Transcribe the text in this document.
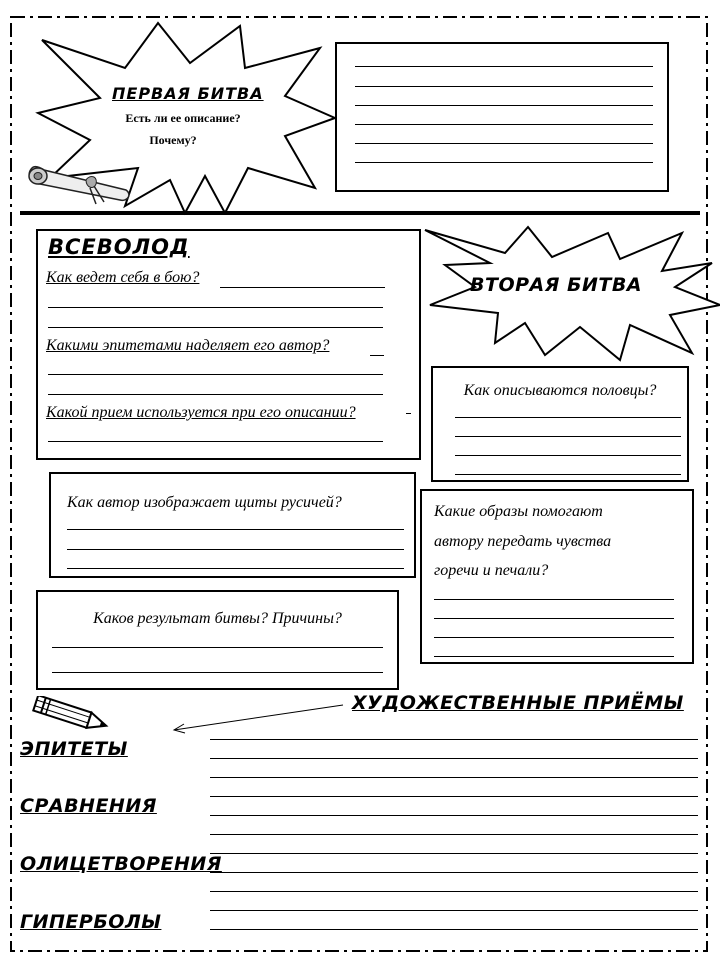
ПЕРВАЯ БИТВА
Есть ли ее описание?
Почему?
ВСЕВОЛОД
Как ведет себя в бою?
Какими эпитетами наделяет его автор?
Какой прием используется при его описании?
ВТОРАЯ БИТВА
Как описываются половцы?
Как автор изображает щиты русичей?
Какие образы помогают
автору передать чувства
горечи и печали?
Каков результат битвы? Причины?
ХУДОЖЕСТВЕННЫЕ ПРИЁМЫ
ЭПИТЕТЫ
СРАВНЕНИЯ
ОЛИЦЕТВОРЕНИЯ
ГИПЕРБОЛЫ
